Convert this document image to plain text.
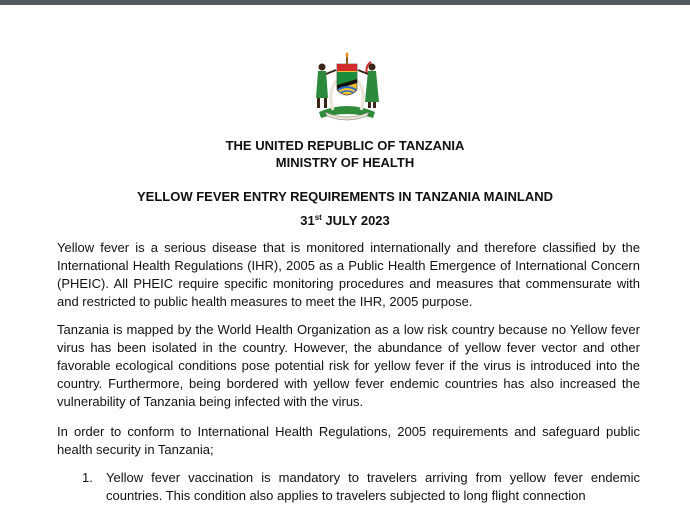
THE UNITED REPUBLIC OF TANZANIA
MINISTRY OF HEALTH
YELLOW FEVER ENTRY REQUIREMENTS IN TANZANIA MAINLAND
31st JULY 2023

Yellow fever is a serious disease that is monitored internationally and therefore classified by the International Health Regulations (IHR), 2005 as a Public Health Emergence of International Concern (PHEIC). All PHEIC require specific monitoring procedures and measures that commensurate with and restricted to public health measures to meet the IHR, 2005 purpose.

Tanzania is mapped by the World Health Organization as a low risk country because no Yellow fever virus has been isolated in the country. However, the abundance of yellow fever vector and other favorable ecological conditions pose potential risk for yellow fever if the virus is introduced into the country. Furthermore, being bordered with yellow fever endemic countries has also increased the vulnerability of Tanzania being infected with the virus.

In order to conform to International Health Regulations, 2005 requirements and safeguard public health security in Tanzania;

1. Yellow fever vaccination is mandatory to travelers arriving from yellow fever endemic countries. This condition also applies to travelers subjected to long flight connection
